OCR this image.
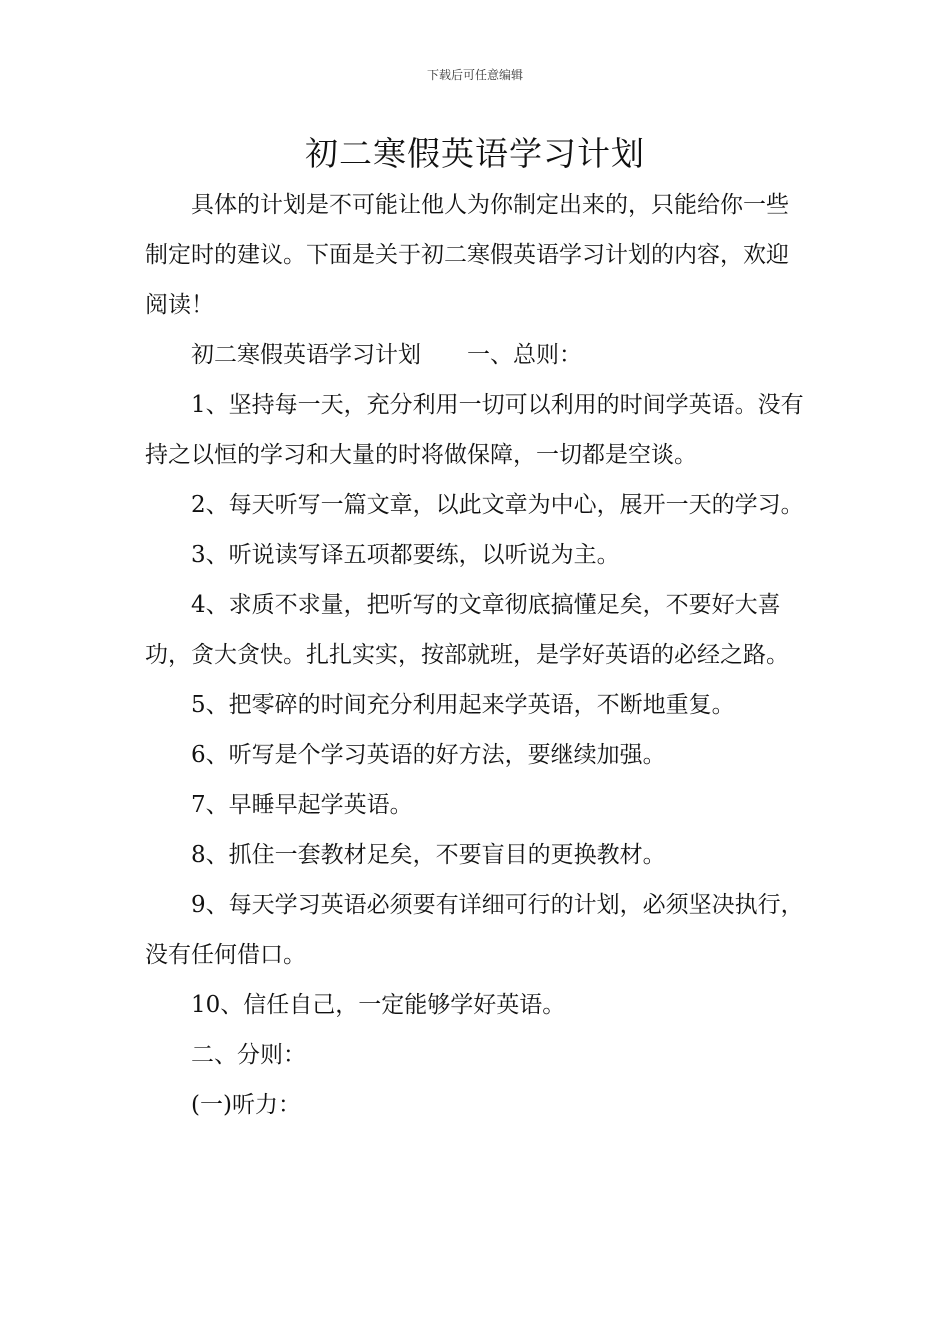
下载后可任意编辑
初二寒假英语学习计划

具体的计划是不可能让他人为你制定出来的，只能给你一些制定时的建议。下面是关于初二寒假英语学习计划的内容，欢迎阅读！

初二寒假英语学习计划　　一、总则：

1、坚持每一天，充分利用一切可以利用的时间学英语。没有持之以恒的学习和大量的时将做保障，一切都是空谈。

2、每天听写一篇文章，以此文章为中心，展开一天的学习。

3、听说读写译五项都要练，以听说为主。

4、求质不求量，把听写的文章彻底搞懂足矣，不要好大喜功，贪大贪快。扎扎实实，按部就班，是学好英语的必经之路。

5、把零碎的时间充分利用起来学英语，不断地重复。

6、听写是个学习英语的好方法，要继续加强。

7、早睡早起学英语。

8、抓住一套教材足矣，不要盲目的更换教材。

9、每天学习英语必须要有详细可行的计划，必须坚决执行，没有任何借口。

10、信任自己，一定能够学好英语。

二、分则：

(一)听力：
